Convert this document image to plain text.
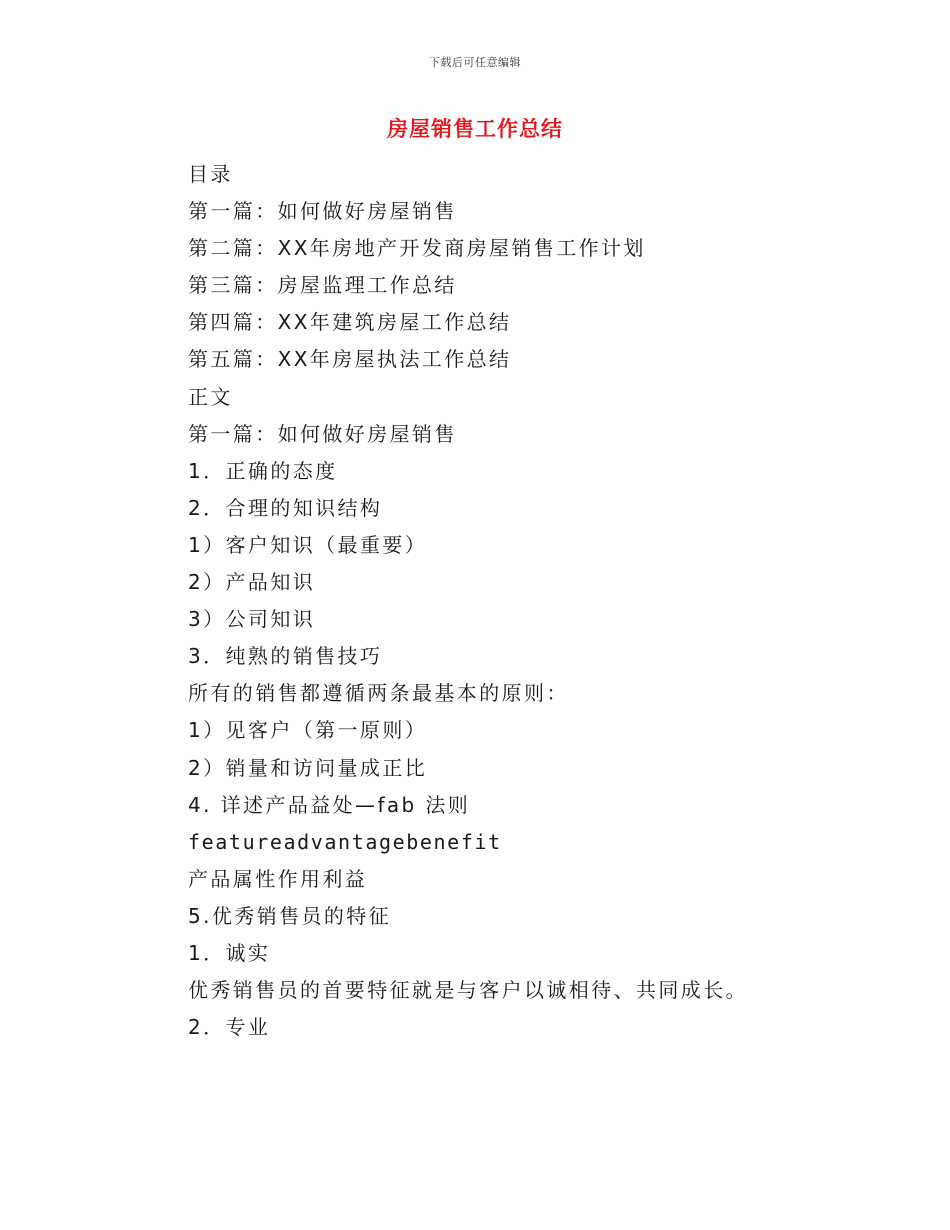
下载后可任意编辑
房屋销售工作总结
目录
第一篇：如何做好房屋销售
第二篇：XX年房地产开发商房屋销售工作计划
第三篇：房屋监理工作总结
第四篇：XX年建筑房屋工作总结
第五篇：XX年房屋执法工作总结
正文
第一篇：如何做好房屋销售
1．正确的态度
2．合理的知识结构
1）客户知识（最重要）
2）产品知识
3）公司知识
3．纯熟的销售技巧
所有的销售都遵循两条最基本的原则：
1）见客户（第一原则）
2）销量和访问量成正比
4. 详述产品益处—fab 法则
featureadvantagebenefit
产品属性作用利益
5.优秀销售员的特征
1．诚实
优秀销售员的首要特征就是与客户以诚相待、共同成长。
2．专业
